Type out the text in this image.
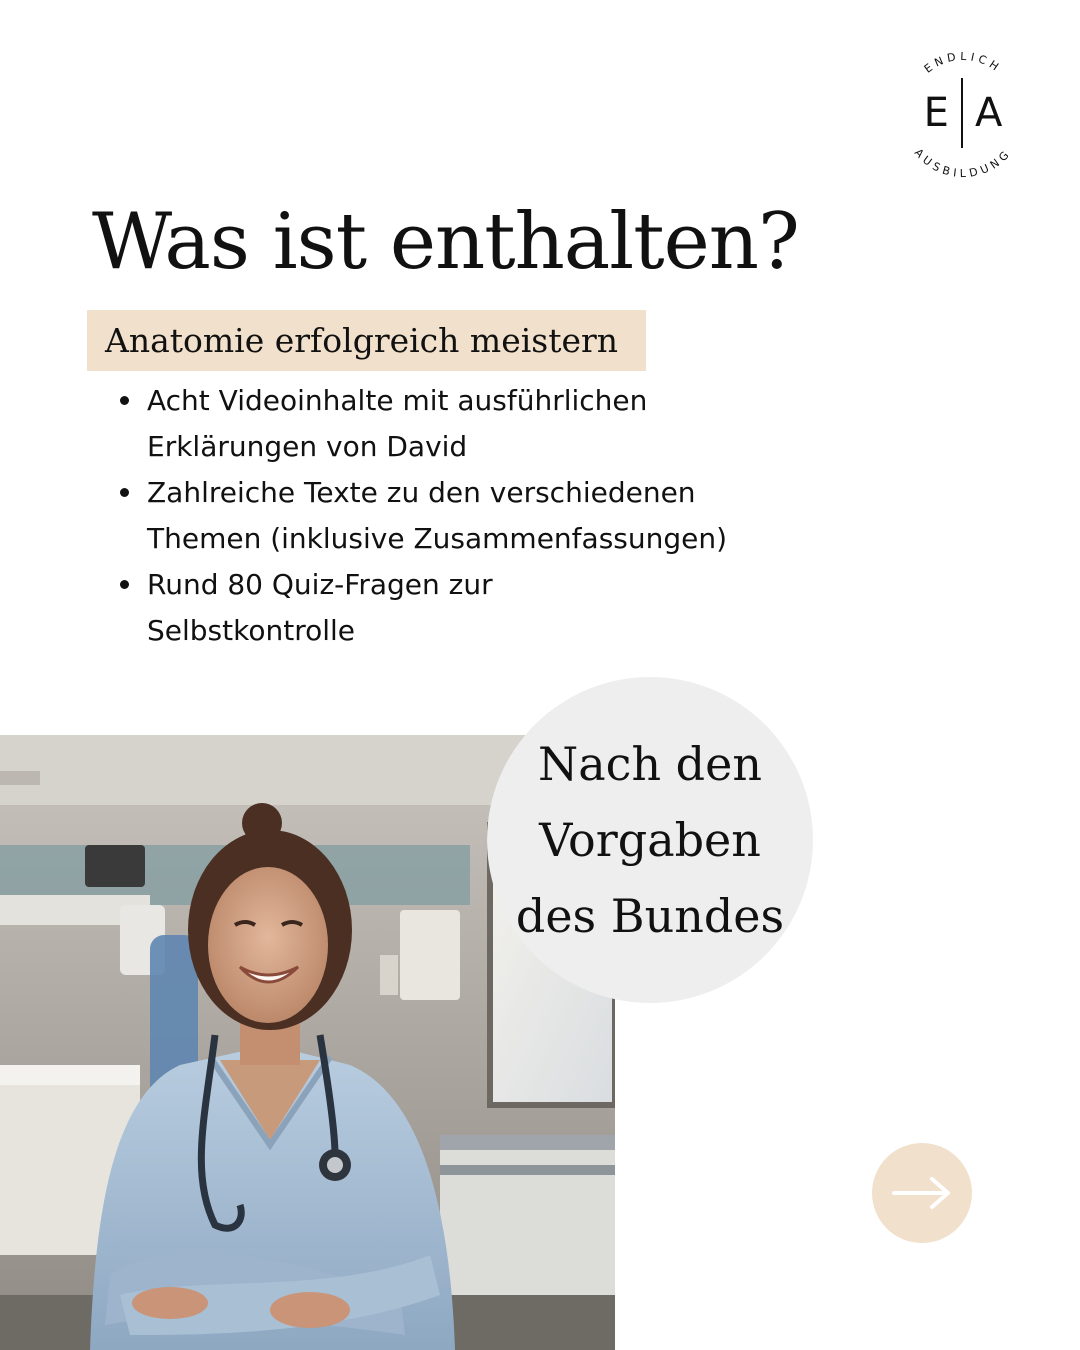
ENDLICH
AUSBILDUNG
E A
Was ist enthalten?
Anatomie erfolgreich meistern
Acht Videoinhalte mit ausführlichen
Erklärungen von David
Zahlreiche Texte zu den verschiedenen
Themen (inklusive Zusammenfassungen)
Rund 80 Quiz-Fragen zur
Selbstkontrolle
Nach den
Vorgaben
des Bundes
